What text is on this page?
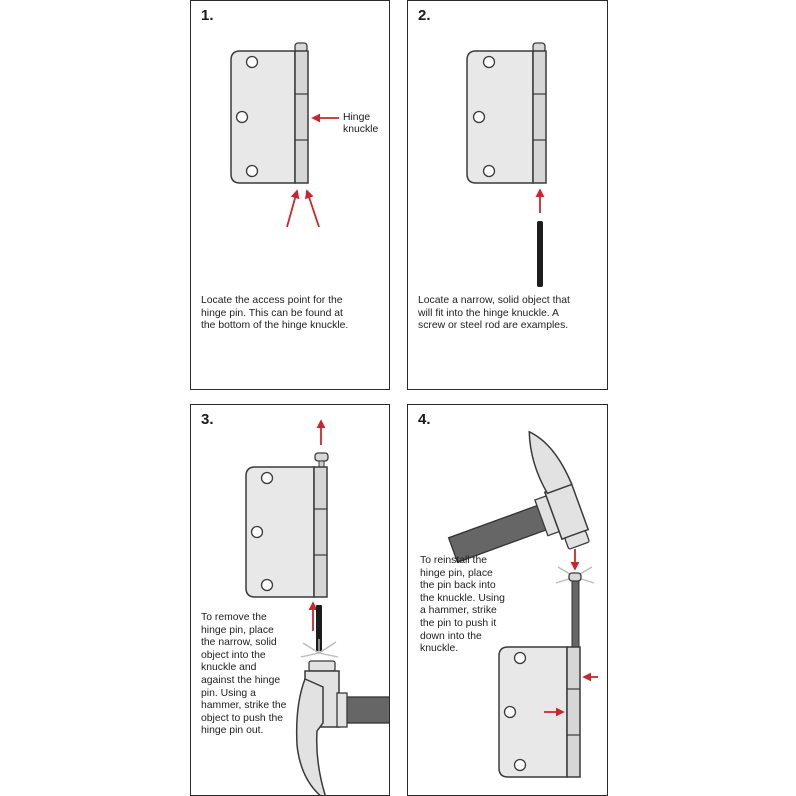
1.
Hinge
knuckle
Locate the access point for the
hinge pin. This can be found at
the bottom of the hinge knuckle.
2.
Locate a narrow, solid object that
will fit into the hinge knuckle. A
screw or steel rod are examples.
3.
To remove the
hinge pin, place
the narrow, solid
object into the
knuckle and
against the hinge
pin. Using a
hammer, strike the
object to push the
hinge pin out.
4.
To reinstall the
hinge pin, place
the pin back into
the knuckle. Using
a hammer, strike
the pin to push it
down into the
knuckle.
